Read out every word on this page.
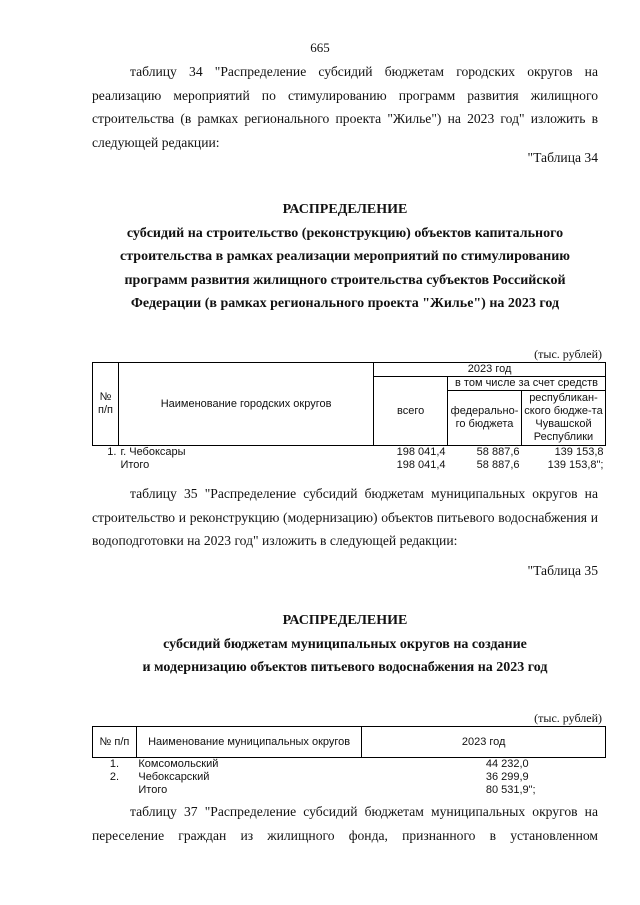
665

таблицу 34 "Распределение субсидий бюджетам городских округов на реализацию мероприятий по стимулированию программ развития жилищного строительства (в рамках регионального проекта "Жилье") на 2023 год" изложить в следующей редакции:

"Таблица 34
РАСПРЕДЕЛЕНИЕ
субсидий на строительство (реконструкцию) объектов капитального
строительства в рамках реализации мероприятий по стимулированию
программ развития жилищного строительства субъектов Российской
Федерации (в рамках регионального проекта "Жилье") на 2023 год
(тыс. рублей)
№ п/п	Наименование городских округов	2023 год		
		всего	в том числе за счет средств	
			федерально-го бюджета	республикан-ского бюдже-та Чувашской Республики
1.	г. Чебоксары	198 041,4	58 887,6	139 153,8
	Итого	198 041,4	58 887,6	139 153,8";

таблицу 35 "Распределение субсидий бюджетам муниципальных округов на строительство и реконструкцию (модернизацию) объектов питьевого водоснабжения и водоподготовки на 2023 год" изложить в следующей редакции:

"Таблица 35
РАСПРЕДЕЛЕНИЕ
субсидий бюджетам муниципальных округов на создание
и модернизацию объектов питьевого водоснабжения на 2023 год
(тыс. рублей)
№ п/п	Наименование муниципальных округов	2023 год
1.	Комсомольский	44 232,0
2.	Чебоксарский	36 299,9
	Итого	80 531,9";

таблицу 37 "Распределение субсидий бюджетам муниципальных округов на переселение граждан из жилищного фонда, признанного в установленном
